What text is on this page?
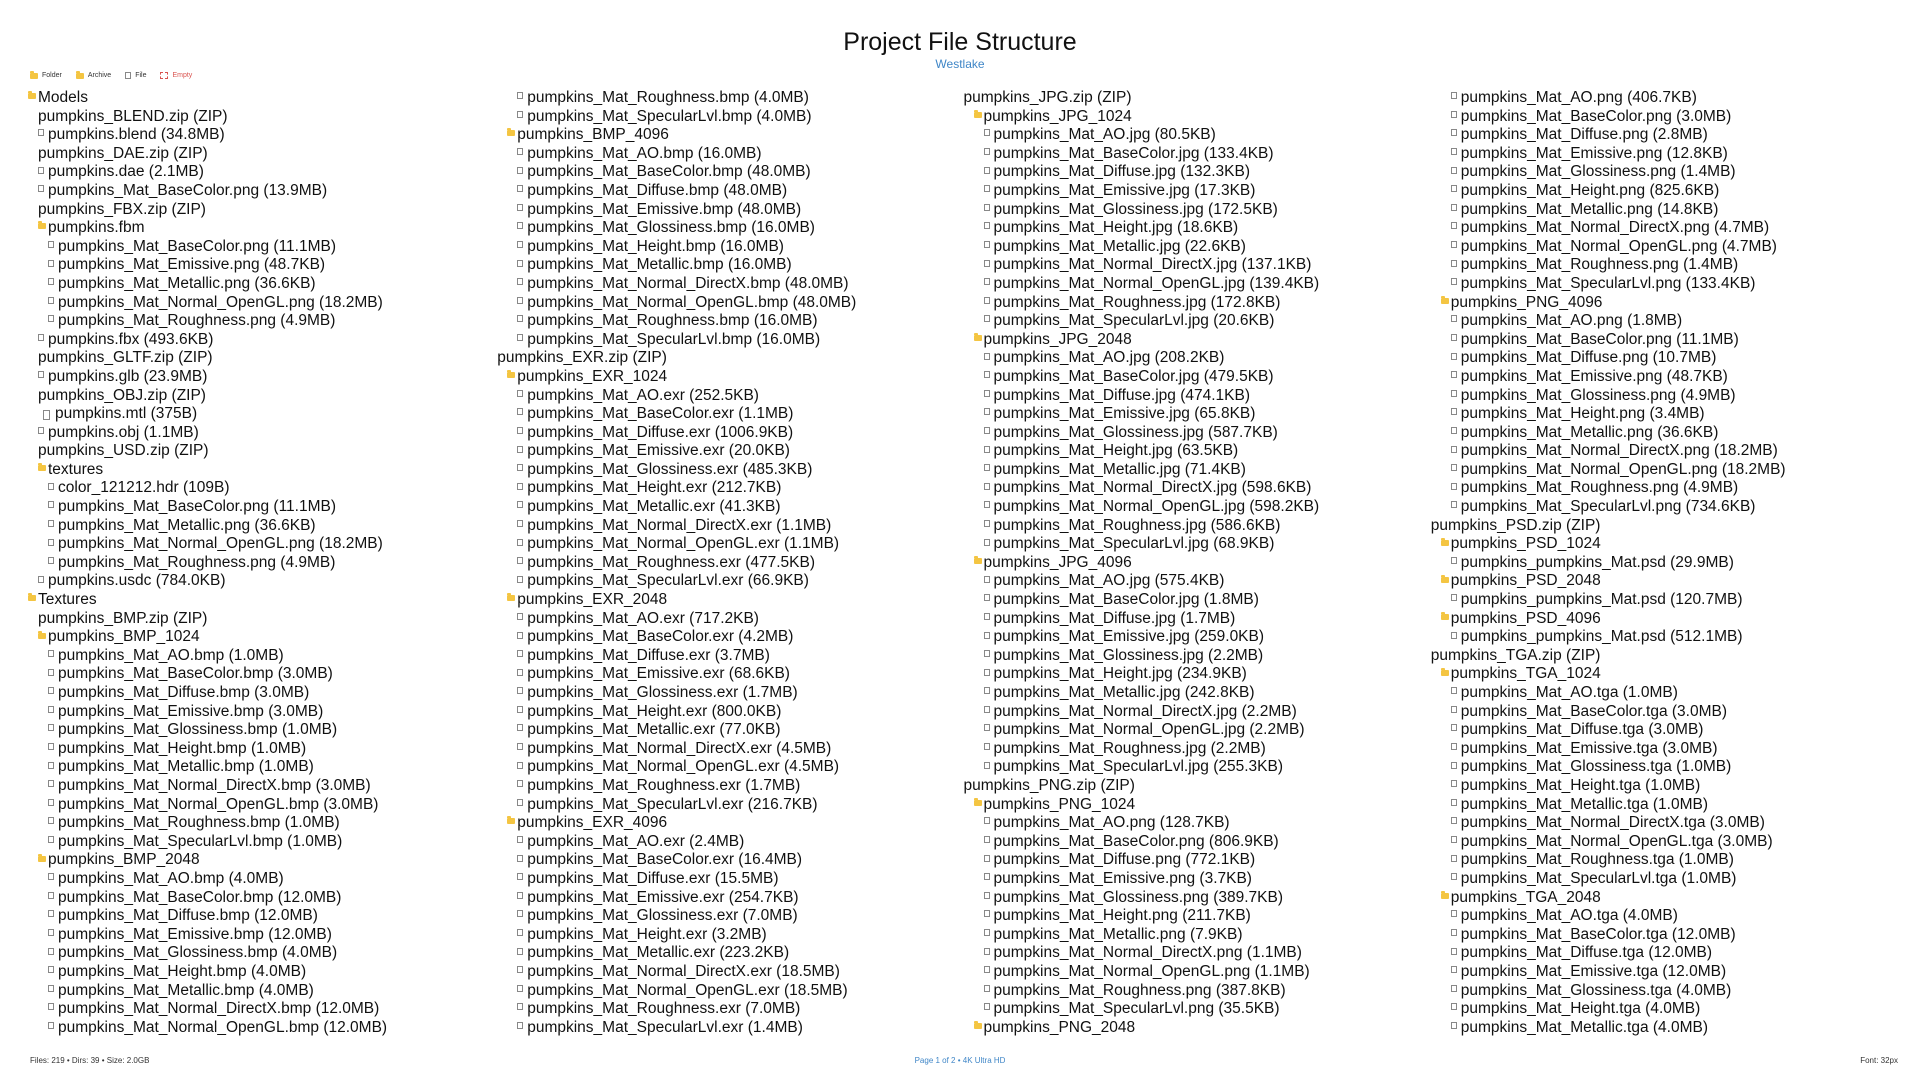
Project File Structure
Westlake
Folder	Archive	File	Empty
Models
pumpkins_BLEND.zip (ZIP)
pumpkins.blend (34.8MB)
pumpkins_DAE.zip (ZIP)
pumpkins.dae (2.1MB)
pumpkins_Mat_BaseColor.png (13.9MB)
pumpkins_FBX.zip (ZIP)
pumpkins.fbm
pumpkins_Mat_BaseColor.png (11.1MB)
pumpkins_Mat_Emissive.png (48.7KB)
pumpkins_Mat_Metallic.png (36.6KB)
pumpkins_Mat_Normal_OpenGL.png (18.2MB)
pumpkins_Mat_Roughness.png (4.9MB)
pumpkins.fbx (493.6KB)
pumpkins_GLTF.zip (ZIP)
pumpkins.glb (23.9MB)
pumpkins_OBJ.zip (ZIP)
pumpkins.mtl (375B)
pumpkins.obj (1.1MB)
pumpkins_USD.zip (ZIP)
textures
color_121212.hdr (109B)
pumpkins_Mat_BaseColor.png (11.1MB)
pumpkins_Mat_Metallic.png (36.6KB)
pumpkins_Mat_Normal_OpenGL.png (18.2MB)
pumpkins_Mat_Roughness.png (4.9MB)
pumpkins.usdc (784.0KB)
Textures
pumpkins_BMP.zip (ZIP)
pumpkins_BMP_1024
pumpkins_Mat_AO.bmp (1.0MB)
pumpkins_Mat_BaseColor.bmp (3.0MB)
pumpkins_Mat_Diffuse.bmp (3.0MB)
pumpkins_Mat_Emissive.bmp (3.0MB)
pumpkins_Mat_Glossiness.bmp (1.0MB)
pumpkins_Mat_Height.bmp (1.0MB)
pumpkins_Mat_Metallic.bmp (1.0MB)
pumpkins_Mat_Normal_DirectX.bmp (3.0MB)
pumpkins_Mat_Normal_OpenGL.bmp (3.0MB)
pumpkins_Mat_Roughness.bmp (1.0MB)
pumpkins_Mat_SpecularLvl.bmp (1.0MB)
pumpkins_BMP_2048
pumpkins_Mat_AO.bmp (4.0MB)
pumpkins_Mat_BaseColor.bmp (12.0MB)
pumpkins_Mat_Diffuse.bmp (12.0MB)
pumpkins_Mat_Emissive.bmp (12.0MB)
pumpkins_Mat_Glossiness.bmp (4.0MB)
pumpkins_Mat_Height.bmp (4.0MB)
pumpkins_Mat_Metallic.bmp (4.0MB)
pumpkins_Mat_Normal_DirectX.bmp (12.0MB)
pumpkins_Mat_Normal_OpenGL.bmp (12.0MB)
pumpkins_Mat_Roughness.bmp (4.0MB)
pumpkins_Mat_SpecularLvl.bmp (4.0MB)
pumpkins_BMP_4096
pumpkins_Mat_AO.bmp (16.0MB)
pumpkins_Mat_BaseColor.bmp (48.0MB)
pumpkins_Mat_Diffuse.bmp (48.0MB)
pumpkins_Mat_Emissive.bmp (48.0MB)
pumpkins_Mat_Glossiness.bmp (16.0MB)
pumpkins_Mat_Height.bmp (16.0MB)
pumpkins_Mat_Metallic.bmp (16.0MB)
pumpkins_Mat_Normal_DirectX.bmp (48.0MB)
pumpkins_Mat_Normal_OpenGL.bmp (48.0MB)
pumpkins_Mat_Roughness.bmp (16.0MB)
pumpkins_Mat_SpecularLvl.bmp (16.0MB)
pumpkins_EXR.zip (ZIP)
pumpkins_EXR_1024
pumpkins_Mat_AO.exr (252.5KB)
pumpkins_Mat_BaseColor.exr (1.1MB)
pumpkins_Mat_Diffuse.exr (1006.9KB)
pumpkins_Mat_Emissive.exr (20.0KB)
pumpkins_Mat_Glossiness.exr (485.3KB)
pumpkins_Mat_Height.exr (212.7KB)
pumpkins_Mat_Metallic.exr (41.3KB)
pumpkins_Mat_Normal_DirectX.exr (1.1MB)
pumpkins_Mat_Normal_OpenGL.exr (1.1MB)
pumpkins_Mat_Roughness.exr (477.5KB)
pumpkins_Mat_SpecularLvl.exr (66.9KB)
pumpkins_EXR_2048
pumpkins_Mat_AO.exr (717.2KB)
pumpkins_Mat_BaseColor.exr (4.2MB)
pumpkins_Mat_Diffuse.exr (3.7MB)
pumpkins_Mat_Emissive.exr (68.6KB)
pumpkins_Mat_Glossiness.exr (1.7MB)
pumpkins_Mat_Height.exr (800.0KB)
pumpkins_Mat_Metallic.exr (77.0KB)
pumpkins_Mat_Normal_DirectX.exr (4.5MB)
pumpkins_Mat_Normal_OpenGL.exr (4.5MB)
pumpkins_Mat_Roughness.exr (1.7MB)
pumpkins_Mat_SpecularLvl.exr (216.7KB)
pumpkins_EXR_4096
pumpkins_Mat_AO.exr (2.4MB)
pumpkins_Mat_BaseColor.exr (16.4MB)
pumpkins_Mat_Diffuse.exr (15.5MB)
pumpkins_Mat_Emissive.exr (254.7KB)
pumpkins_Mat_Glossiness.exr (7.0MB)
pumpkins_Mat_Height.exr (3.2MB)
pumpkins_Mat_Metallic.exr (223.2KB)
pumpkins_Mat_Normal_DirectX.exr (18.5MB)
pumpkins_Mat_Normal_OpenGL.exr (18.5MB)
pumpkins_Mat_Roughness.exr (7.0MB)
pumpkins_Mat_SpecularLvl.exr (1.4MB)
pumpkins_JPG.zip (ZIP)
pumpkins_JPG_1024
pumpkins_Mat_AO.jpg (80.5KB)
pumpkins_Mat_BaseColor.jpg (133.4KB)
pumpkins_Mat_Diffuse.jpg (132.3KB)
pumpkins_Mat_Emissive.jpg (17.3KB)
pumpkins_Mat_Glossiness.jpg (172.5KB)
pumpkins_Mat_Height.jpg (18.6KB)
pumpkins_Mat_Metallic.jpg (22.6KB)
pumpkins_Mat_Normal_DirectX.jpg (137.1KB)
pumpkins_Mat_Normal_OpenGL.jpg (139.4KB)
pumpkins_Mat_Roughness.jpg (172.8KB)
pumpkins_Mat_SpecularLvl.jpg (20.6KB)
pumpkins_JPG_2048
pumpkins_Mat_AO.jpg (208.2KB)
pumpkins_Mat_BaseColor.jpg (479.5KB)
pumpkins_Mat_Diffuse.jpg (474.1KB)
pumpkins_Mat_Emissive.jpg (65.8KB)
pumpkins_Mat_Glossiness.jpg (587.7KB)
pumpkins_Mat_Height.jpg (63.5KB)
pumpkins_Mat_Metallic.jpg (71.4KB)
pumpkins_Mat_Normal_DirectX.jpg (598.6KB)
pumpkins_Mat_Normal_OpenGL.jpg (598.2KB)
pumpkins_Mat_Roughness.jpg (586.6KB)
pumpkins_Mat_SpecularLvl.jpg (68.9KB)
pumpkins_JPG_4096
pumpkins_Mat_AO.jpg (575.4KB)
pumpkins_Mat_BaseColor.jpg (1.8MB)
pumpkins_Mat_Diffuse.jpg (1.7MB)
pumpkins_Mat_Emissive.jpg (259.0KB)
pumpkins_Mat_Glossiness.jpg (2.2MB)
pumpkins_Mat_Height.jpg (234.9KB)
pumpkins_Mat_Metallic.jpg (242.8KB)
pumpkins_Mat_Normal_DirectX.jpg (2.2MB)
pumpkins_Mat_Normal_OpenGL.jpg (2.2MB)
pumpkins_Mat_Roughness.jpg (2.2MB)
pumpkins_Mat_SpecularLvl.jpg (255.3KB)
pumpkins_PNG.zip (ZIP)
pumpkins_PNG_1024
pumpkins_Mat_AO.png (128.7KB)
pumpkins_Mat_BaseColor.png (806.9KB)
pumpkins_Mat_Diffuse.png (772.1KB)
pumpkins_Mat_Emissive.png (3.7KB)
pumpkins_Mat_Glossiness.png (389.7KB)
pumpkins_Mat_Height.png (211.7KB)
pumpkins_Mat_Metallic.png (7.9KB)
pumpkins_Mat_Normal_DirectX.png (1.1MB)
pumpkins_Mat_Normal_OpenGL.png (1.1MB)
pumpkins_Mat_Roughness.png (387.8KB)
pumpkins_Mat_SpecularLvl.png (35.5KB)
pumpkins_PNG_2048
pumpkins_Mat_AO.png (406.7KB)
pumpkins_Mat_BaseColor.png (3.0MB)
pumpkins_Mat_Diffuse.png (2.8MB)
pumpkins_Mat_Emissive.png (12.8KB)
pumpkins_Mat_Glossiness.png (1.4MB)
pumpkins_Mat_Height.png (825.6KB)
pumpkins_Mat_Metallic.png (14.8KB)
pumpkins_Mat_Normal_DirectX.png (4.7MB)
pumpkins_Mat_Normal_OpenGL.png (4.7MB)
pumpkins_Mat_Roughness.png (1.4MB)
pumpkins_Mat_SpecularLvl.png (133.4KB)
pumpkins_PNG_4096
pumpkins_Mat_AO.png (1.8MB)
pumpkins_Mat_BaseColor.png (11.1MB)
pumpkins_Mat_Diffuse.png (10.7MB)
pumpkins_Mat_Emissive.png (48.7KB)
pumpkins_Mat_Glossiness.png (4.9MB)
pumpkins_Mat_Height.png (3.4MB)
pumpkins_Mat_Metallic.png (36.6KB)
pumpkins_Mat_Normal_DirectX.png (18.2MB)
pumpkins_Mat_Normal_OpenGL.png (18.2MB)
pumpkins_Mat_Roughness.png (4.9MB)
pumpkins_Mat_SpecularLvl.png (734.6KB)
pumpkins_PSD.zip (ZIP)
pumpkins_PSD_1024
pumpkins_pumpkins_Mat.psd (29.9MB)
pumpkins_PSD_2048
pumpkins_pumpkins_Mat.psd (120.7MB)
pumpkins_PSD_4096
pumpkins_pumpkins_Mat.psd (512.1MB)
pumpkins_TGA.zip (ZIP)
pumpkins_TGA_1024
pumpkins_Mat_AO.tga (1.0MB)
pumpkins_Mat_BaseColor.tga (3.0MB)
pumpkins_Mat_Diffuse.tga (3.0MB)
pumpkins_Mat_Emissive.tga (3.0MB)
pumpkins_Mat_Glossiness.tga (1.0MB)
pumpkins_Mat_Height.tga (1.0MB)
pumpkins_Mat_Metallic.tga (1.0MB)
pumpkins_Mat_Normal_DirectX.tga (3.0MB)
pumpkins_Mat_Normal_OpenGL.tga (3.0MB)
pumpkins_Mat_Roughness.tga (1.0MB)
pumpkins_Mat_SpecularLvl.tga (1.0MB)
pumpkins_TGA_2048
pumpkins_Mat_AO.tga (4.0MB)
pumpkins_Mat_BaseColor.tga (12.0MB)
pumpkins_Mat_Diffuse.tga (12.0MB)
pumpkins_Mat_Emissive.tga (12.0MB)
pumpkins_Mat_Glossiness.tga (4.0MB)
pumpkins_Mat_Height.tga (4.0MB)
pumpkins_Mat_Metallic.tga (4.0MB)
Files: 219 • Dirs: 39 • Size: 2.0GB	Page 1 of 2 • 4K Ultra HD	Font: 32px
